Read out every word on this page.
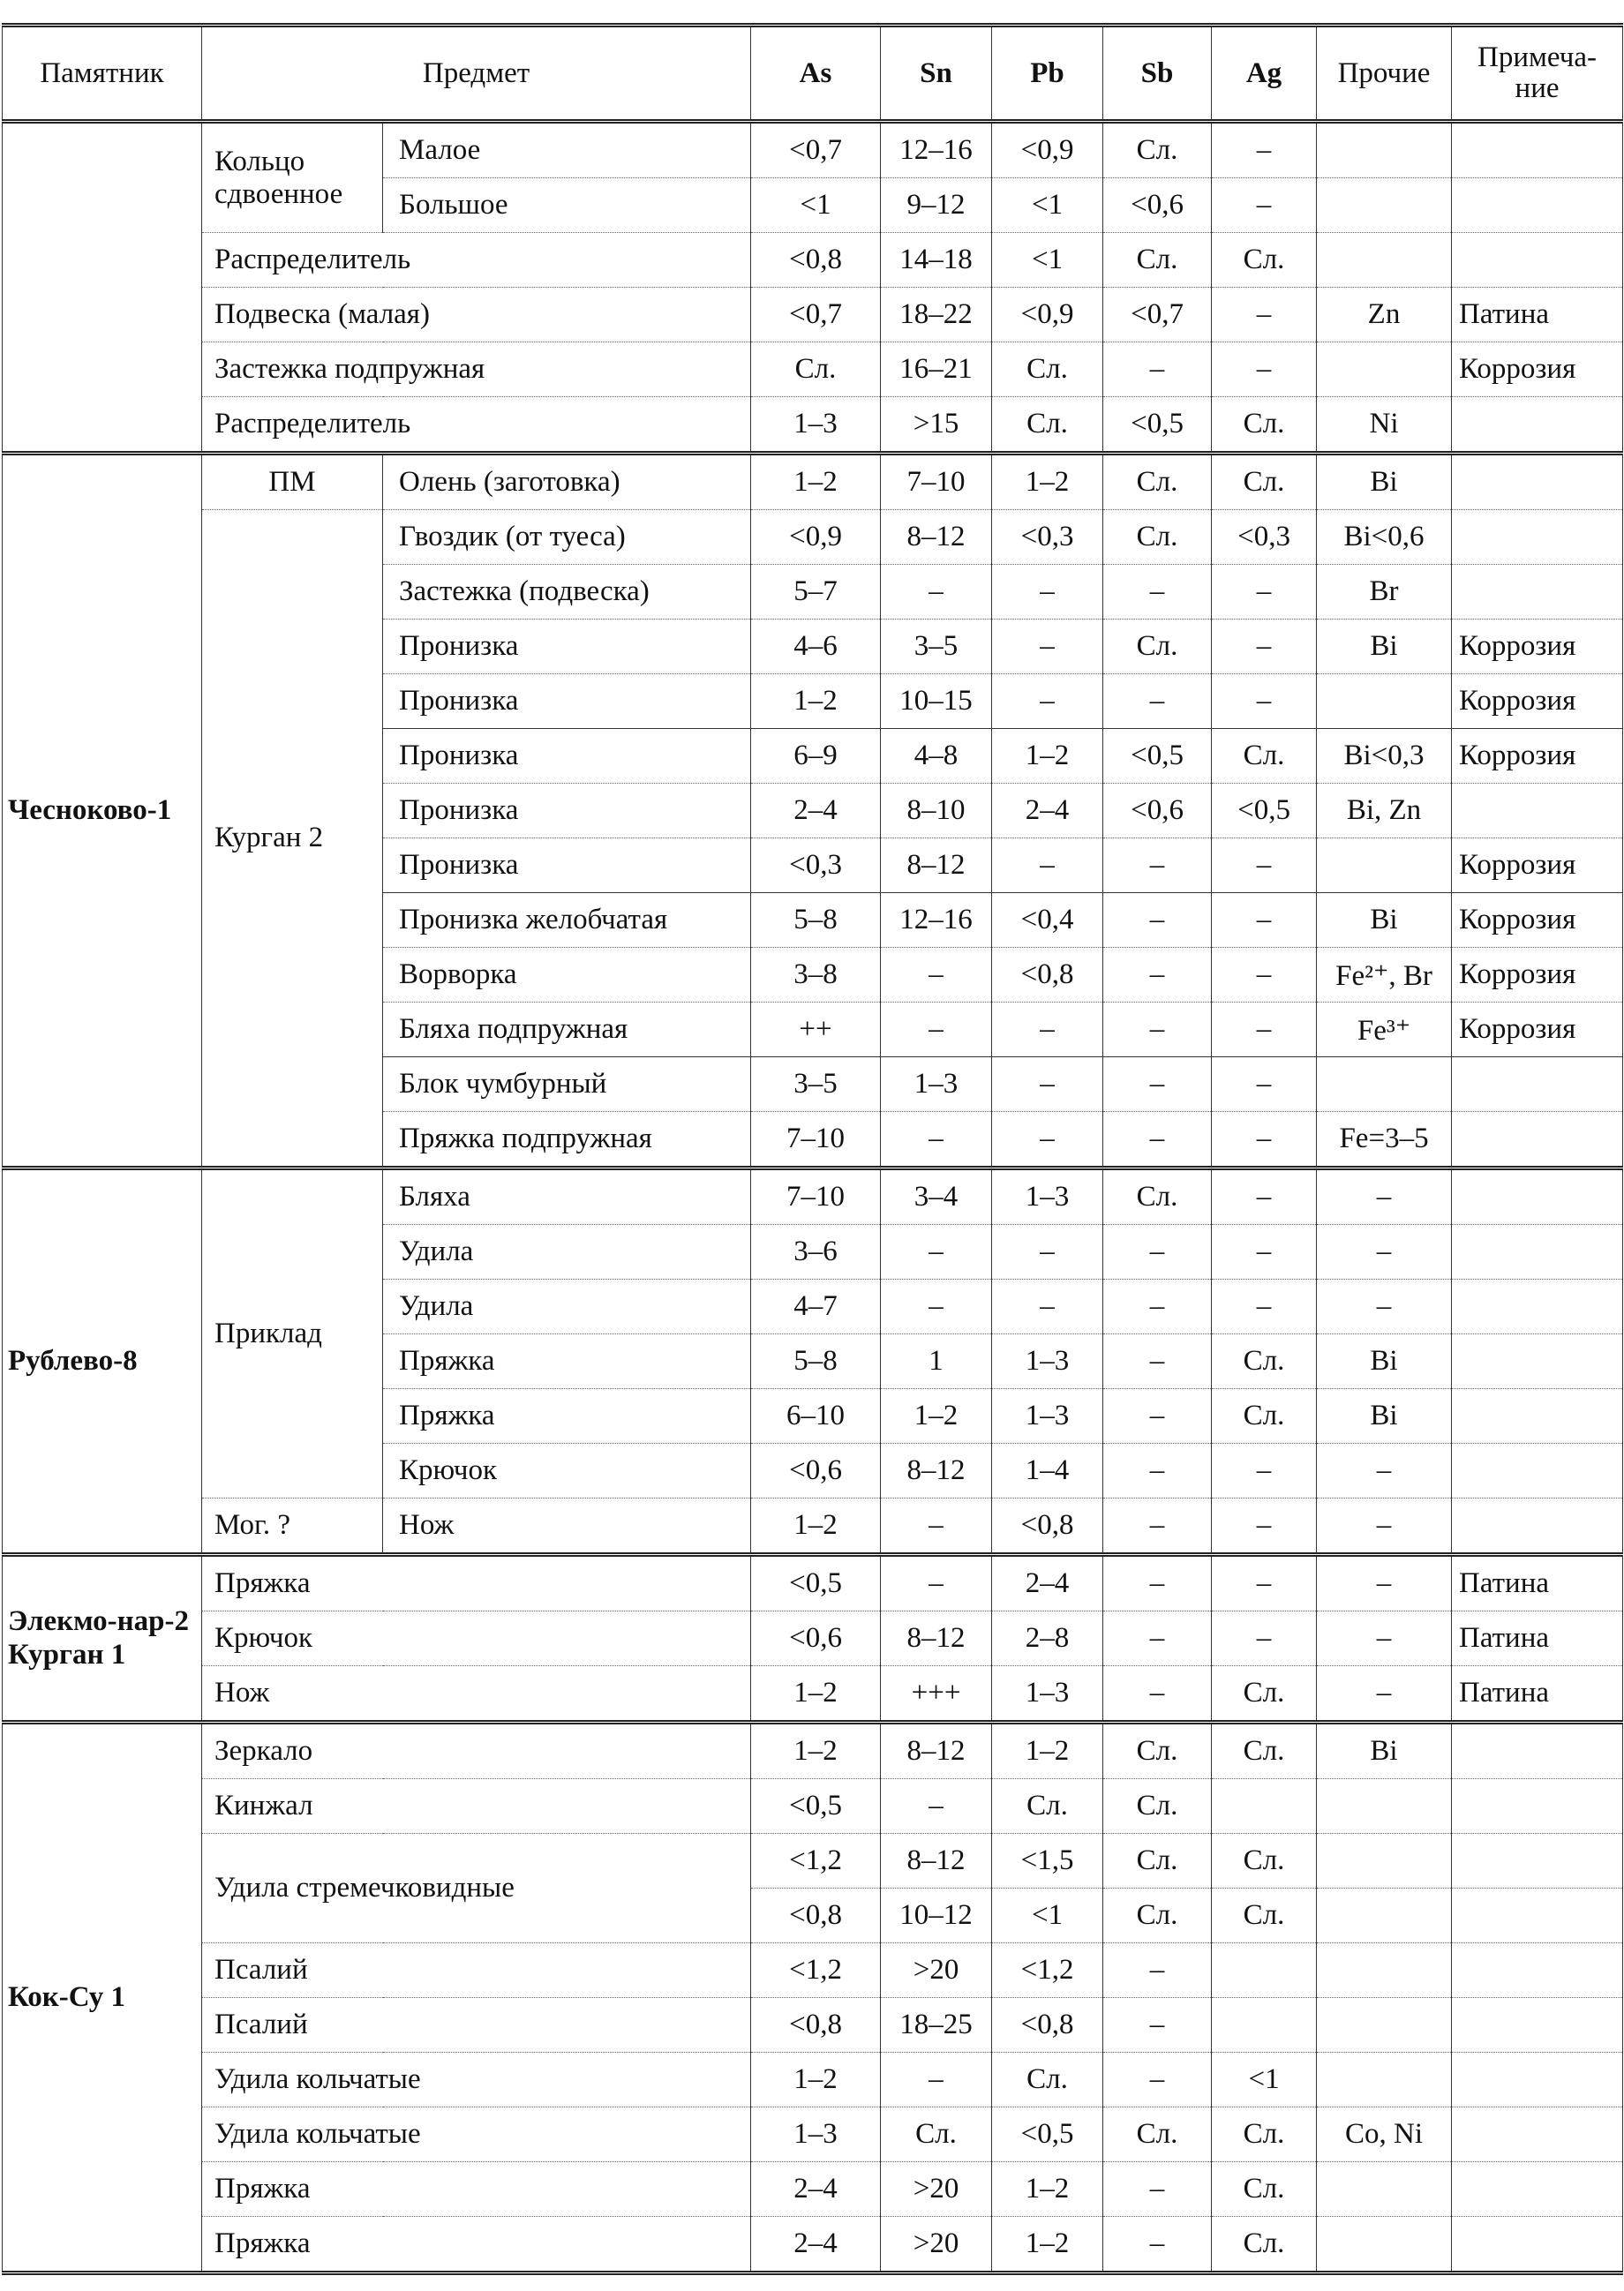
Памятник	Предмет		As	Sn	Pb	Sb	Ag	Прочие	Примеча-ние
	Кольцо сдвоенное	Малое	<0,7	12–16	<0,9	Сл.	–		
		Большое	<1	9–12	<1	<0,6	–		
	Распределитель		<0,8	14–18	<1	Сл.	Сл.		
	Подвеска (малая)		<0,7	18–22	<0,9	<0,7	–	Zn	Патина
	Застежка подпружная		Сл.	16–21	Сл.	–	–		Коррозия
	Распределитель		1–3	>15	Сл.	<0,5	Сл.	Ni	
Чесноково-1	ПМ	Олень (заготовка)	1–2	7–10	1–2	Сл.	Сл.	Bi	
	Курган 2	Гвоздик (от туеса)	<0,9	8–12	<0,3	Сл.	<0,3	Bi<0,6	
		Застежка (подвеска)	5–7	–	–	–	–	Br	
		Пронизка	4–6	3–5	–	Сл.	–	Bi	Коррозия
		Пронизка	1–2	10–15	–	–	–		Коррозия
		Пронизка	6–9	4–8	1–2	<0,5	Сл.	Bi<0,3	Коррозия
		Пронизка	2–4	8–10	2–4	<0,6	<0,5	Bi, Zn	
		Пронизка	<0,3	8–12	–	–	–		Коррозия
		Пронизка желобчатая	5–8	12–16	<0,4	–	–	Bi	Коррозия
		Ворворка	3–8	–	<0,8	–	–	Fe²⁺, Br	Коррозия
		Бляха подпружная	++	–	–	–	–	Fe³⁺	Коррозия
		Блок чумбурный	3–5	1–3	–	–	–		
		Пряжка подпружная	7–10	–	–	–	–	Fe=3–5	
Рублево-8	Приклад	Бляха	7–10	3–4	1–3	Сл.	–	–	
		Удила	3–6	–	–	–	–	–	
		Удила	4–7	–	–	–	–	–	
		Пряжка	5–8	1	1–3	–	Сл.	Bi	
		Пряжка	6–10	1–2	1–3	–	Сл.	Bi	
		Крючок	<0,6	8–12	1–4	–	–	–	
	Мог. ?	Нож	1–2	–	<0,8	–	–	–	
Элекмо-нар-2 Курган 1	Пряжка		<0,5	–	2–4	–	–	–	Патина
	Крючок		<0,6	8–12	2–8	–	–	–	Патина
	Нож		1–2	+++	1–3	–	Сл.	–	Патина
Кок-Су 1	Зеркало		1–2	8–12	1–2	Сл.	Сл.	Bi	
	Кинжал		<0,5	–	Сл.	Сл.			
	Удила стремечковидные		<1,2	8–12	<1,5	Сл.	Сл.		
			<0,8	10–12	<1	Сл.	Сл.		
	Псалий		<1,2	>20	<1,2	–			
	Псалий		<0,8	18–25	<0,8	–			
	Удила кольчатые		1–2	–	Сл.	–	<1		
	Удила кольчатые		1–3	Сл.	<0,5	Сл.	Сл.	Co, Ni	
	Пряжка		2–4	>20	1–2	–	Сл.		
	Пряжка		2–4	>20	1–2	–	Сл.		
